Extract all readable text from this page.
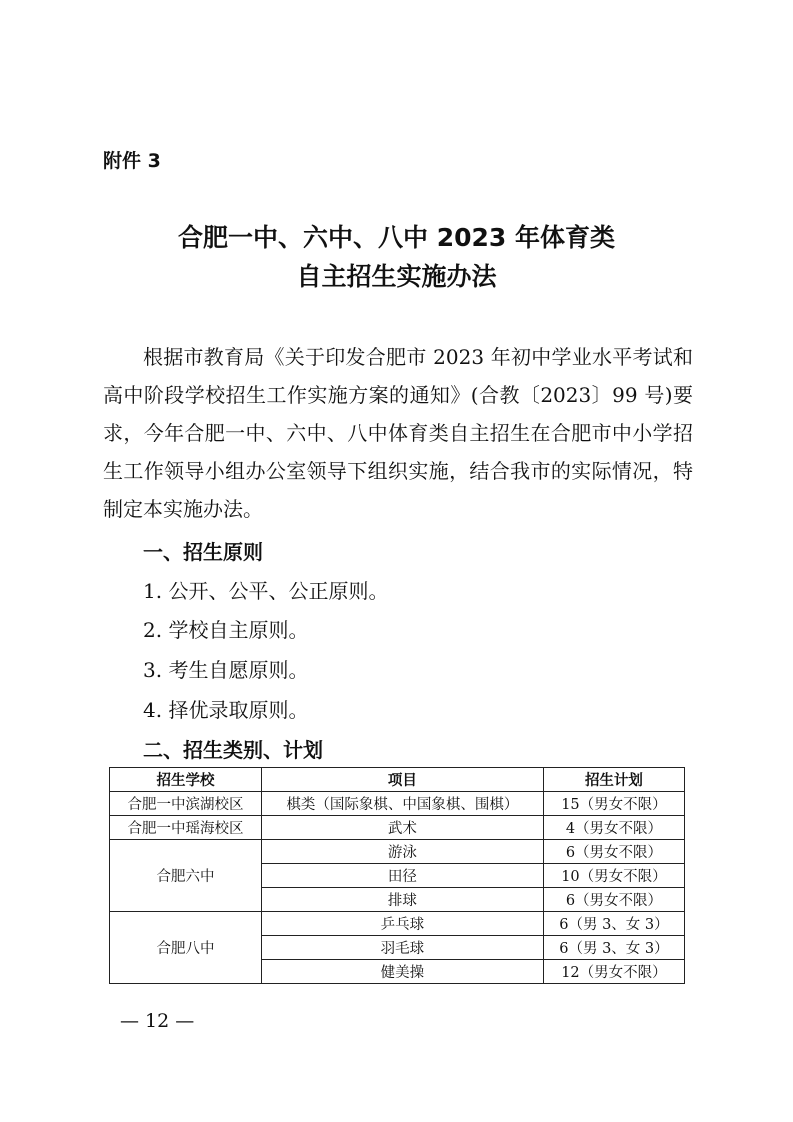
附件 3
合肥一中、六中、八中 2023 年体育类
自主招生实施办法

根据市教育局《关于印发合肥市 2023 年初中学业水平考试和高中阶段学校招生工作实施方案的通知》(合教〔2023〕99 号)要求，今年合肥一中、六中、八中体育类自主招生在合肥市中小学招生工作领导小组办公室领导下组织实施，结合我市的实际情况，特制定本实施办法。

一、招生原则
1. 公开、公平、公正原则。
2. 学校自主原则。
3. 考生自愿原则。
4. 择优录取原则。
二、招生类别、计划
招生学校	项目	招生计划
合肥一中滨湖校区	棋类（国际象棋、中国象棋、围棋）	15（男女不限）
合肥一中瑶海校区	武术	4（男女不限）
合肥六中	游泳	6（男女不限）
	田径	10（男女不限）
	排球	6（男女不限）
合肥八中	乒乓球	6（男 3、女 3）
	羽毛球	6（男 3、女 3）
	健美操	12（男女不限）
— 12 —
